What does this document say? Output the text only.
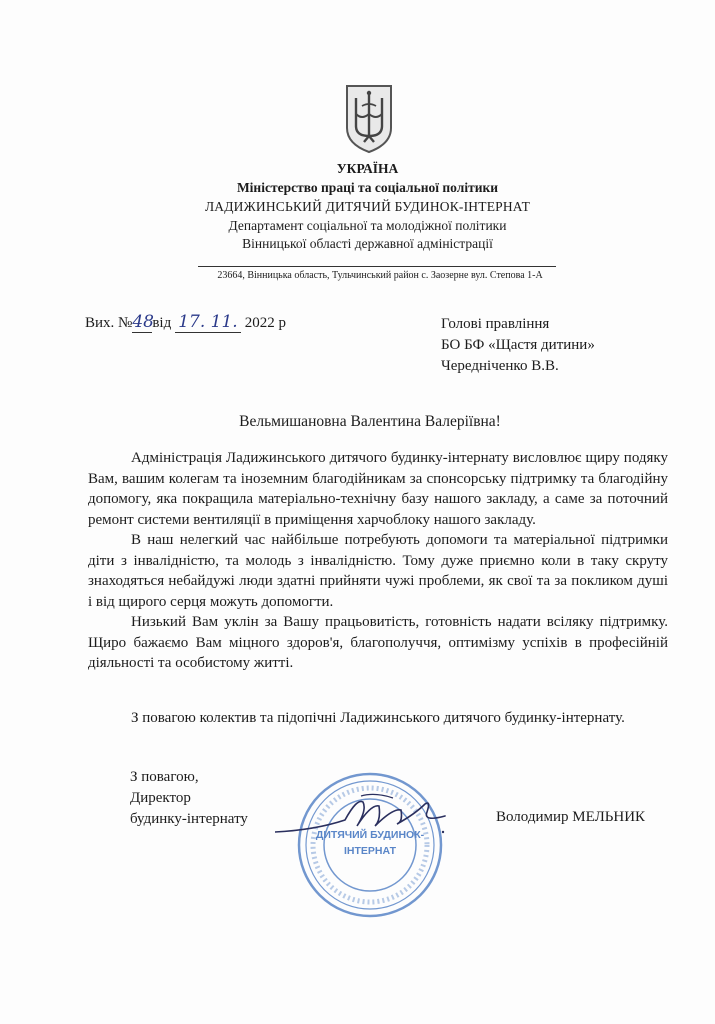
УКРАЇНА
Міністерство праці та соціальної політики
ЛАДИЖИНСЬКИЙ ДИТЯЧИЙ БУДИНОК-ІНТЕРНАТ
Департамент соціальної та молодіжної політики
Вінницької області державної адміністрації
23664, Вінницька область, Тульчинський район с. Заозерне вул. Степова 1-А
Вих. №48від 17. 11. 2022 р	Голові правління
БО БФ «Щастя дитини»
Чередніченко В.В.
Вельмишановна Валентина Валеріївна!

Адміністрація Ладижинського дитячого будинку-інтернату висловлює щиру подяку Вам, вашим колегам та іноземним благодійникам за спонсорську підтримку та благодійну допомогу, яка покращила матеріально-технічну базу нашого закладу, а саме за поточний ремонт системи вентиляції в приміщення харчоблоку нашого закладу.

В наш нелегкий час найбільше потребують допомоги та матеріальної підтримки діти з інвалідністю, та молодь з інвалідністю. Тому дуже приємно коли в таку скруту знаходяться небайдужі люди здатні прийняти чужі проблеми, як свої та за покликом душі і від щирого серця можуть допомогти.

Низький Вам уклін за Вашу працьовитість, готовність надати всіляку підтримку. Щиро бажаємо Вам міцного здоров'я, благополуччя, оптимізму успіхів в професійній діяльності та особистому житті.

З повагою колектив та підопічні Ладижинського дитячого будинку-інтернату.
З повагою,
Директор
будинку-інтернату
ДИТЯЧИЙ БУДИНОК-
ІНТЕРНАТ
Володимир МЕЛЬНИК
